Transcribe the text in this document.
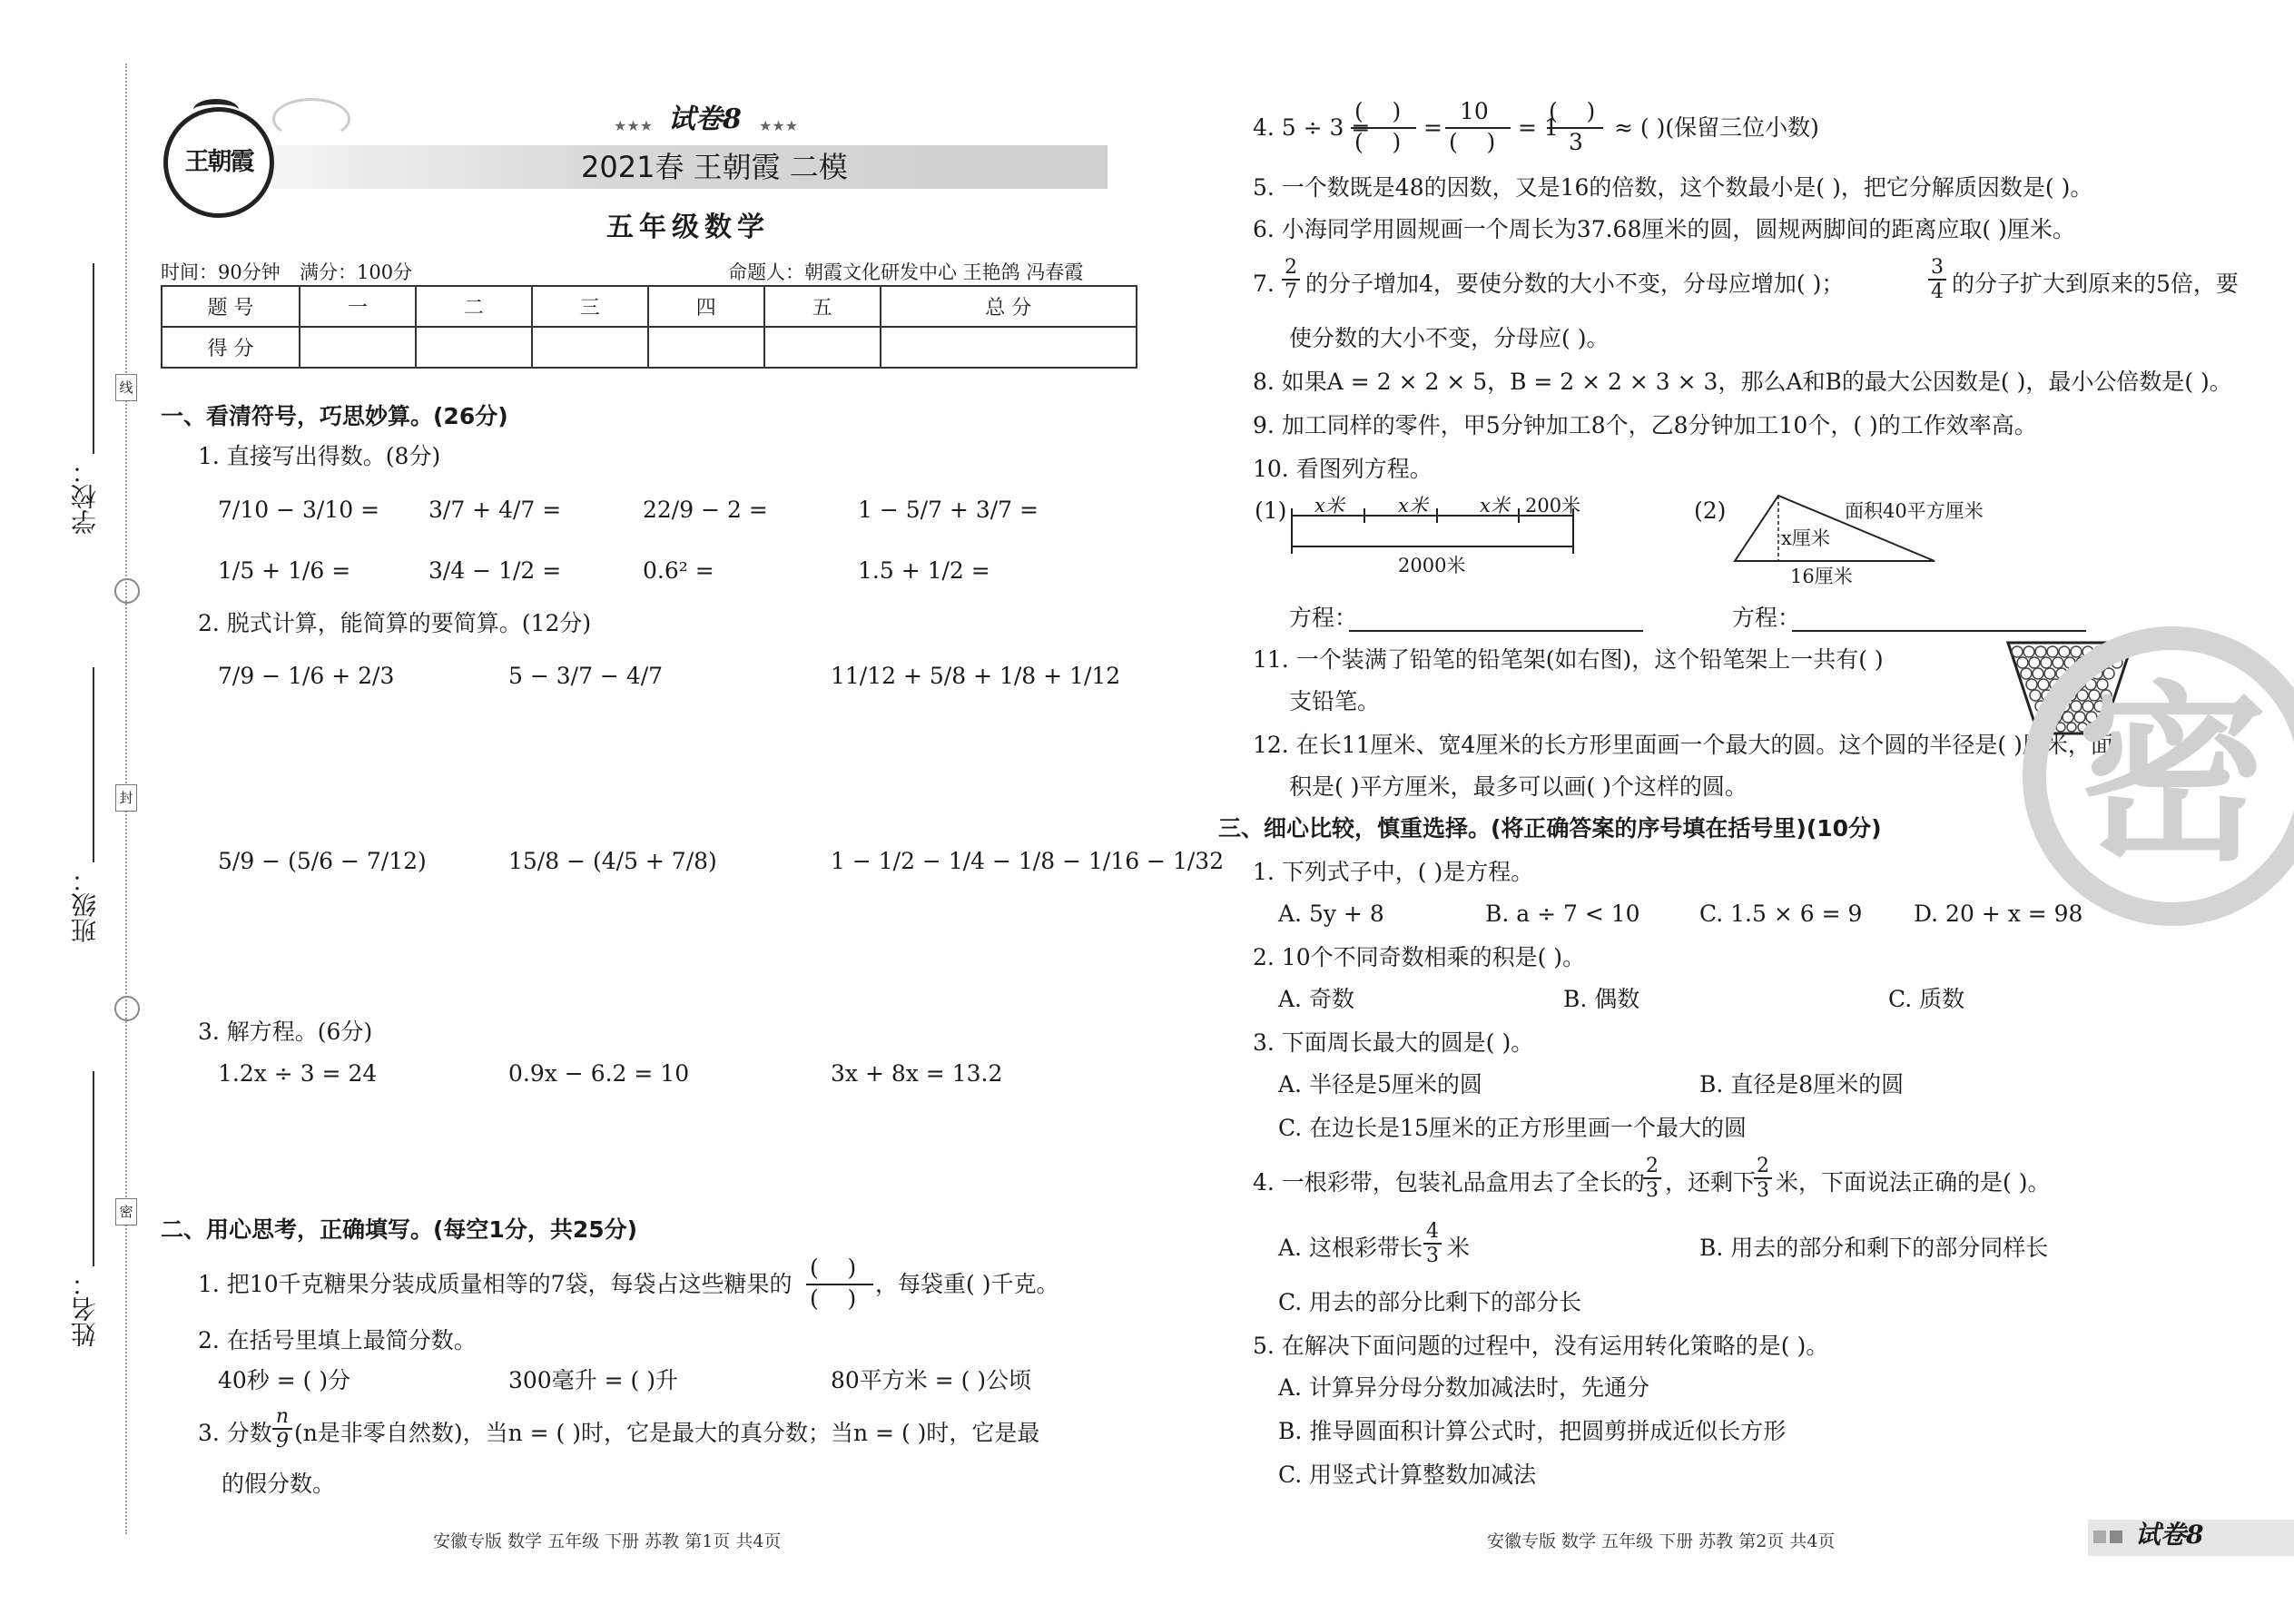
线
封
密
学校：
班级：
姓名：
王朝霞
★★★ 试卷8 ★★★
2021春 王朝霞 二模
五年级数学
时间：90分钟 满分：100分	命题人：朝霞文化研发中心 王艳鸽 冯春霞
题 号	一	二	三	四	五	总 分
得 分						
一、看清符号，巧思妙算。(26分)
1. 直接写出得数。(8分)
7/10 − 3/10 = 3/7 + 4/7 =	22/9 − 2 =	1 − 5/7 + 3/7 =
1/5 + 1/6 =	3/4 − 1/2 =	0.6² =	1.5 + 1/2 =
2. 脱式计算，能简算的要简算。(12分)
7/9 − 1/6 + 2/3	5 − 3/7 − 4/7	11/12 + 5/8 + 1/8 + 1/12
5/9 − (5/6 − 7/12)	15/8 − (4/5 + 7/8)	1 − 1/2 − 1/4 − 1/8 − 1/16 − 1/32
3. 解方程。(6分)
1.2x ÷ 3 = 24	0.9x − 6.2 = 10	3x + 8x = 13.2
二、用心思考，正确填写。(每空1分，共25分)
1. 把10千克糖果分装成质量相等的7袋，每袋占这些糖果的
(    )
(    )
，每袋重( )千克。
2. 在括号里填上最简分数。
40秒 = ( )分	300毫升 = ( )升	80平方米 = ( )公顷
3. 分数 $\frac{n}{9} (n$是非零自然数)，当n = ( )时，它是最大的真分数；当n = ( )时，它是最
的假分数。
安徽专版 数学 五年级 下册 苏教 第1页 共4页
4. 5 ÷ 3 =
(    )
(    )
=
10
(    )
= 1
(    )
3
≈ ( )(保留三位小数)
5. 一个数既是48的因数，又是16的倍数，这个数最小是( )，把它分解质因数是( )。
6. 小海同学用圆规画一个周长为37.68厘米的圆，圆规两脚间的距离应取( )厘米。
7. $\frac{2}{7}$ 的分子增加4，要使分数的大小不变，分母应增加( )；	$\frac{3}{4}$ 的分子扩大到原来的5倍，要
使分数的大小不变，分母应( )。
8. 如果A = 2 × 2 × 5，B = 2 × 2 × 3 × 3，那么A和B的最大公因数是( )，最小公倍数是( )。
9. 加工同样的零件，甲5分钟加工8个，乙8分钟加工10个，( )的工作效率高。
10. 看图列方程。
(1) x米	x米	x米 200米
2000米
(2)	面积40平方厘米
x厘米
16厘米
方程：	方程：
11. 一个装满了铅笔的铅笔架(如右图)，这个铅笔架上一共有( )
支铅笔。
12. 在长11厘米、宽4厘米的长方形里面画一个最大的圆。这个圆的半径是( )厘米，面
积是( )平方厘米，最多可以画( )个这样的圆。 密
三、细心比较，慎重选择。(将正确答案的序号填在括号里)(10分)
1. 下列式子中，( )是方程。
A. 5y + 8	B. a ÷ 7 < 10	C. 1.5 × 6 = 9 D. 20 + x = 98
2. 10个不同奇数相乘的积是( )。
A. 奇数	B. 偶数	C. 质数
3. 下面周长最大的圆是( )。
A. 半径是5厘米的圆	B. 直径是8厘米的圆
C. 在边长是15厘米的正方形里画一个最大的圆
4. 一根彩带，包装礼品盒用去了全长的
$\frac{2}{3}$ ，还剩下
$\frac{2}{3}$ 米，下面说法正确的是( )。
A. 这根彩带长 $\frac{4}{3}$ 米	B. 用去的部分和剩下的部分同样长
C. 用去的部分比剩下的部分长
5. 在解决下面问题的过程中，没有运用转化策略的是( )。
A. 计算异分母分数加减法时，先通分
B. 推导圆面积计算公式时，把圆剪拼成近似长方形
C. 用竖式计算整数加减法
安徽专版 数学 五年级 下册 苏教 第2页 共4页	试卷8
